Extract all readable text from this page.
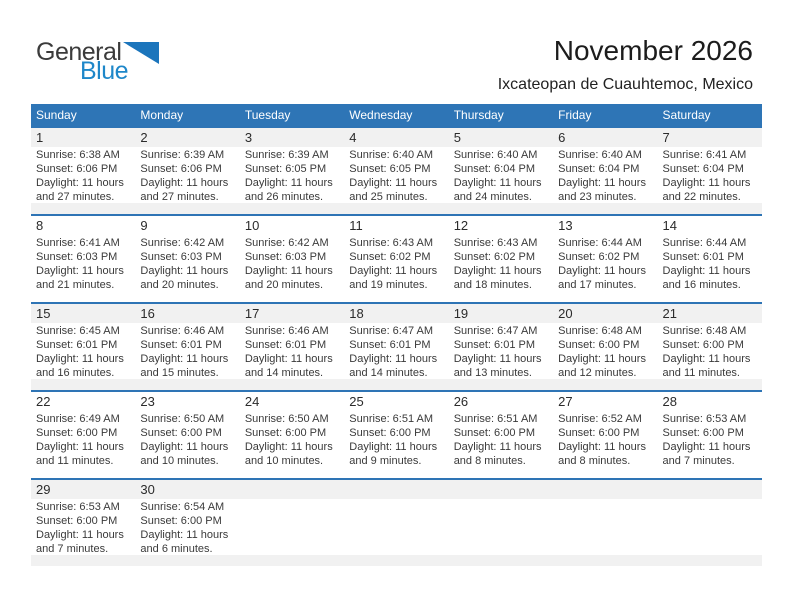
General
Blue
November 2026
Ixcateopan de Cuauhtemoc, Mexico
Sunday	Monday	Tuesday	Wednesday	Thursday	Friday	Saturday
1	2	3	4	5	6	7
Sunrise: 6:38 AM
Sunset: 6:06 PM
Daylight: 11 hours
and 27 minutes.
Sunrise: 6:39 AM
Sunset: 6:06 PM
Daylight: 11 hours
and 27 minutes.
Sunrise: 6:39 AM
Sunset: 6:05 PM
Daylight: 11 hours
and 26 minutes.
Sunrise: 6:40 AM
Sunset: 6:05 PM
Daylight: 11 hours
and 25 minutes.
Sunrise: 6:40 AM
Sunset: 6:04 PM
Daylight: 11 hours
and 24 minutes.
Sunrise: 6:40 AM
Sunset: 6:04 PM
Daylight: 11 hours
and 23 minutes.
Sunrise: 6:41 AM
Sunset: 6:04 PM
Daylight: 11 hours
and 22 minutes.
8	9	10	11	12	13	14
Sunrise: 6:41 AM
Sunset: 6:03 PM
Daylight: 11 hours
and 21 minutes.
Sunrise: 6:42 AM
Sunset: 6:03 PM
Daylight: 11 hours
and 20 minutes.
Sunrise: 6:42 AM
Sunset: 6:03 PM
Daylight: 11 hours
and 20 minutes.
Sunrise: 6:43 AM
Sunset: 6:02 PM
Daylight: 11 hours
and 19 minutes.
Sunrise: 6:43 AM
Sunset: 6:02 PM
Daylight: 11 hours
and 18 minutes.
Sunrise: 6:44 AM
Sunset: 6:02 PM
Daylight: 11 hours
and 17 minutes.
Sunrise: 6:44 AM
Sunset: 6:01 PM
Daylight: 11 hours
and 16 minutes.
15	16	17	18	19	20	21
Sunrise: 6:45 AM
Sunset: 6:01 PM
Daylight: 11 hours
and 16 minutes.
Sunrise: 6:46 AM
Sunset: 6:01 PM
Daylight: 11 hours
and 15 minutes.
Sunrise: 6:46 AM
Sunset: 6:01 PM
Daylight: 11 hours
and 14 minutes.
Sunrise: 6:47 AM
Sunset: 6:01 PM
Daylight: 11 hours
and 14 minutes.
Sunrise: 6:47 AM
Sunset: 6:01 PM
Daylight: 11 hours
and 13 minutes.
Sunrise: 6:48 AM
Sunset: 6:00 PM
Daylight: 11 hours
and 12 minutes.
Sunrise: 6:48 AM
Sunset: 6:00 PM
Daylight: 11 hours
and 11 minutes.
22	23	24	25	26	27	28
Sunrise: 6:49 AM
Sunset: 6:00 PM
Daylight: 11 hours
and 11 minutes.
Sunrise: 6:50 AM
Sunset: 6:00 PM
Daylight: 11 hours
and 10 minutes.
Sunrise: 6:50 AM
Sunset: 6:00 PM
Daylight: 11 hours
and 10 minutes.
Sunrise: 6:51 AM
Sunset: 6:00 PM
Daylight: 11 hours
and 9 minutes.
Sunrise: 6:51 AM
Sunset: 6:00 PM
Daylight: 11 hours
and 8 minutes.
Sunrise: 6:52 AM
Sunset: 6:00 PM
Daylight: 11 hours
and 8 minutes.
Sunrise: 6:53 AM
Sunset: 6:00 PM
Daylight: 11 hours
and 7 minutes.
29	30
Sunrise: 6:53 AM
Sunset: 6:00 PM
Daylight: 11 hours
and 7 minutes.
Sunrise: 6:54 AM
Sunset: 6:00 PM
Daylight: 11 hours
and 6 minutes.
